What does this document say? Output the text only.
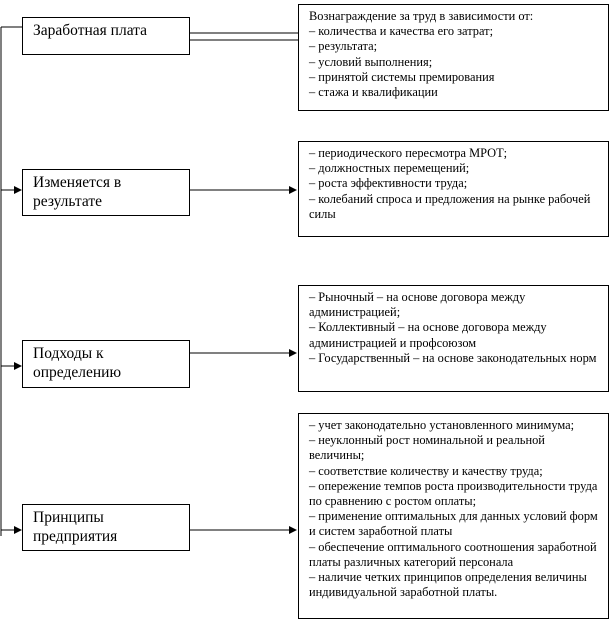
Заработная плата
Вознаграждение за труд в зависимости от:
– количества и качества его затрат;
– результата;
– условий выполнения;
– принятой системы премирования
– стажа и квалификации
Изменяется в результате
– периодического пересмотра МРОТ;
– должностных перемещений;
– роста эффективности труда;
– колебаний спроса и предложения на рынке рабочей силы
Подходы к определению
– Рыночный – на основе договора между администрацией;
– Коллективный – на основе договора между администрацией и профсоюзом
– Государственный – на основе законодательных норм
Принципы предприятия
– учет законодательно установленного минимума;
– неуклонный рост номинальной и реальной величины;
– соответствие количеству и качеству труда;
– опережение темпов роста производительности труда по сравнению с ростом оплаты;
– применение оптимальных для данных условий форм и систем заработной платы
– обеспечение оптимального соотношения заработной платы различных категорий персонала
– наличие четких принципов определения величины индивидуальной заработной платы.
